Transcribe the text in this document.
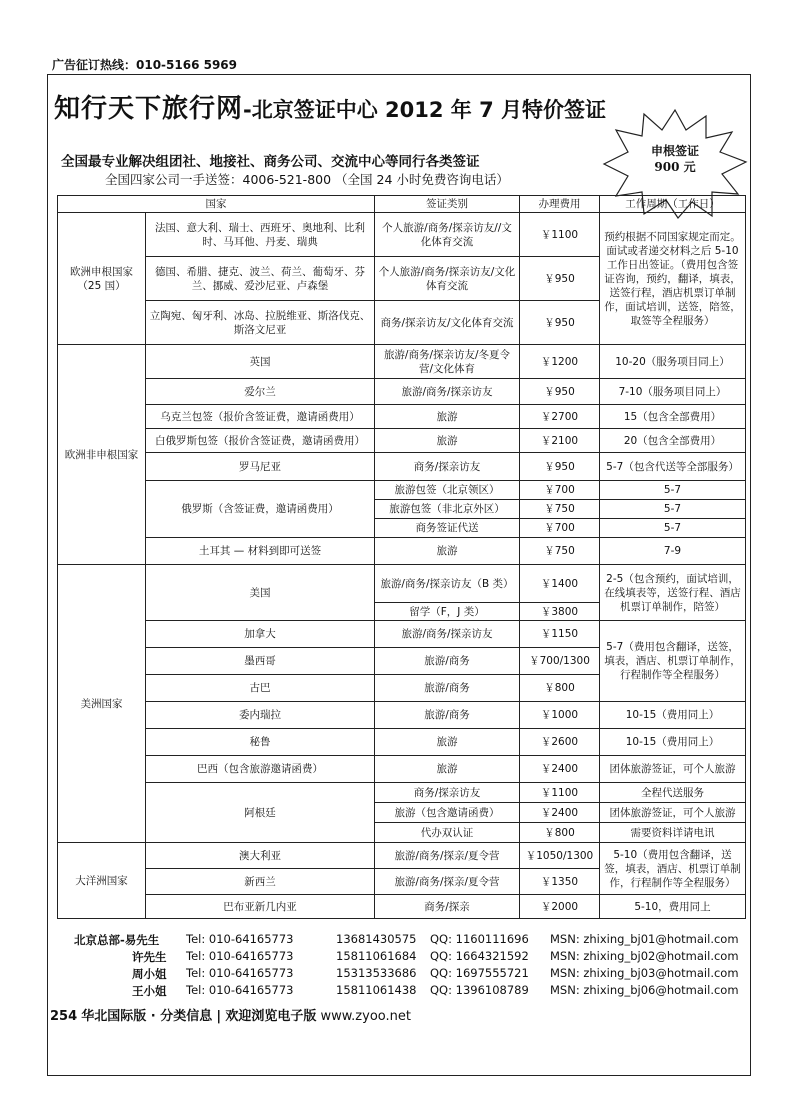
广告征订热线：010-5166 5969
知行天下旅行网-北京签证中心 2012 年 7 月特价签证
全国最专业解决组团社、地接社、商务公司、交流中心等同行各类签证
全国四家公司一手送签：4006-521-800 （全国 24 小时免费咨询电话）
申根签证
900 元
国家		签证类别	办理费用	工作周期（工作日）
欧洲申根国家（25 国）	法国、意大利、瑞士、西班牙、奥地利、比利时、马耳他、丹麦、瑞典	个人旅游/商务/探亲访友//文化体育交流	￥1100	预约根据不同国家规定而定。面试或者递交材料之后 5-10 工作日出签证。（费用包含签证咨询，预约，翻译，填表，送签行程，酒店机票订单制作，面试培训，送签，陪签，取签等全程服务）
	德国、希腊、捷克、波兰、荷兰、葡萄牙、芬兰、挪威、爱沙尼亚、卢森堡	个人旅游/商务/探亲访友/文化体育交流	￥950	
	立陶宛、匈牙利、冰岛、拉脱维亚、斯洛伐克、斯洛文尼亚	商务/探亲访友/文化体育交流	￥950	
欧洲非申根国家	英国	旅游/商务/探亲访友/冬夏令营/文化体育	￥1200	10-20（服务项目同上）
	爱尔兰	旅游/商务/探亲访友	￥950	7-10（服务项目同上）
	乌克兰包签（报价含签证费，邀请函费用）	旅游	￥2700	15（包含全部费用）
	白俄罗斯包签（报价含签证费，邀请函费用）	旅游	￥2100	20（包含全部费用）
	罗马尼亚	商务/探亲访友	￥950	5-7（包含代送等全部服务）
	俄罗斯（含签证费，邀请函费用）	旅游包签（北京领区）	￥700	5-7
		旅游包签（非北京外区）	￥750	5-7
		商务签证代送	￥700	5-7
	土耳其 — 材料到即可送签	旅游	￥750	7-9
美洲国家	美国	旅游/商务/探亲访友（B 类）	￥1400	2-5（包含预约，面试培训，在线填表等，送签行程、酒店机票订单制作，陪签）
		留学（F，J 类）	￥3800	
	加拿大	旅游/商务/探亲访友	￥1150	5-7（费用包含翻译，送签，填表，酒店、机票订单制作，行程制作等全程服务）
	墨西哥	旅游/商务	￥700/1300	
	古巴	旅游/商务	￥800	
	委内瑞拉	旅游/商务	￥1000	10-15（费用同上）
	秘鲁	旅游	￥2600	10-15（费用同上）
	巴西（包含旅游邀请函费）	旅游	￥2400	团体旅游签证，可个人旅游
	阿根廷	商务/探亲访友	￥1100	全程代送服务
		旅游（包含邀请函费）	￥2400	团体旅游签证，可个人旅游
		代办双认证	￥800	需要资料详请电讯

大洋洲国家	澳大利亚	旅游/商务/探亲/夏令营	￥1050/1300	5-10（费用包含翻译，送签，填表，酒店、机票订单制作，行程制作等全程服务）
	新西兰	旅游/商务/探亲/夏令营	￥1350	
	巴布亚新几内亚	商务/探亲	￥2000	5-10，费用同上
北京总部-易先生 Tel: 010-64165773	13681430575 QQ: 1160111696 MSN: zhixing_bj01@hotmail.com
许先生 Tel: 010-64165773	15811061684 QQ: 1664321592 MSN: zhixing_bj02@hotmail.com
周小姐 Tel: 010-64165773	15313533686 QQ: 1697555721 MSN: zhixing_bj03@hotmail.com
王小姐 Tel: 010-64165773	15811061438 QQ: 1396108789 MSN: zhixing_bj06@hotmail.com
254 华北国际版 · 分类信息 | 欢迎浏览电子版 www.zyoo.net
